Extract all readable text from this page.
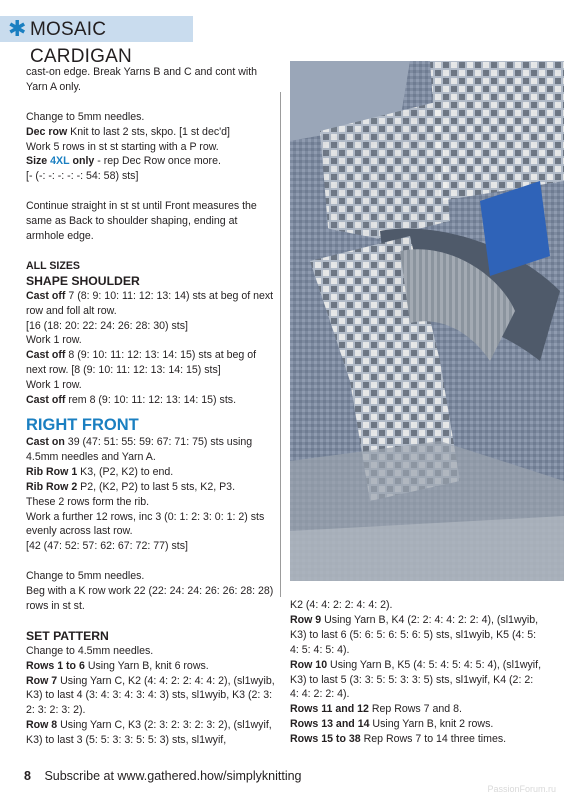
✱ MOSAIC CARDIGAN

cast-on edge. Break Yarns B and C and cont with Yarn A only.

Change to 5mm needles.

Dec row Knit to last 2 sts, skpo. [1 st dec'd]

Work 5 rows in st st starting with a P row.

Size 4XL only - rep Dec Row once more.

[- (-: -: -: -: -: 54: 58) sts]

Continue straight in st st until Front measures the same as Back to shoulder shaping, ending at armhole edge.

ALL SIZES

SHAPE SHOULDER

Cast off 7 (8: 9: 10: 11: 12: 13: 14) sts at beg of next row and foll alt row.

[16 (18: 20: 22: 24: 26: 28: 30) sts]

Work 1 row.

Cast off 8 (9: 10: 11: 12: 13: 14: 15) sts at beg of next row. [8 (9: 10: 11: 12: 13: 14: 15) sts]

Work 1 row.

Cast off rem 8 (9: 10: 11: 12: 13: 14: 15) sts.

RIGHT FRONT

Cast on 39 (47: 51: 55: 59: 67: 71: 75) sts using 4.5mm needles and Yarn A.

Rib Row 1 K3, (P2, K2) to end.

Rib Row 2 P2, (K2, P2) to last 5 sts, K2, P3.

These 2 rows form the rib.

Work a further 12 rows, inc 3 (0: 1: 2: 3: 0: 1: 2) sts evenly across last row.

[42 (47: 52: 57: 62: 67: 72: 77) sts]

Change to 5mm needles.

Beg with a K row work 22 (22: 24: 24: 26: 26: 28: 28) rows in st st.

SET PATTERN

Change to 4.5mm needles.

Rows 1 to 6 Using Yarn B, knit 6 rows.

Row 7 Using Yarn C, K2 (4: 4: 2: 2: 4: 4: 2), (sl1wyib, K3) to last 4 (3: 4: 3: 4: 3: 4: 3) sts, sl1wyib, K3 (2: 3: 2: 3: 2: 3: 2).

Row 8 Using Yarn C, K3 (2: 3: 2: 3: 2: 3: 2), (sl1wyif, K3) to last 3 (5: 5: 3: 3: 5: 5: 3) sts, sl1wyif,

K2 (4: 4: 2: 2: 4: 4: 2).

Row 9 Using Yarn B, K4 (2: 2: 4: 4: 2: 2: 4), (sl1wyib, K3) to last 6 (5: 6: 5: 6: 5: 6: 5) sts, sl1wyib, K5 (4: 5: 4: 5: 4: 5: 4).

Row 10 Using Yarn B, K5 (4: 5: 4: 5: 4: 5: 4), (sl1wyif, K3) to last 5 (3: 3: 5: 5: 3: 3: 5) sts, sl1wyif, K4 (2: 2: 4: 4: 2: 2: 4).

Rows 11 and 12 Rep Rows 7 and 8.

Rows 13 and 14 Using Yarn B, knit 2 rows.

Rows 15 to 38 Rep Rows 7 to 14 three times.

8 Subscribe at www.gathered.how/simplyknitting
PassionForum.ru
